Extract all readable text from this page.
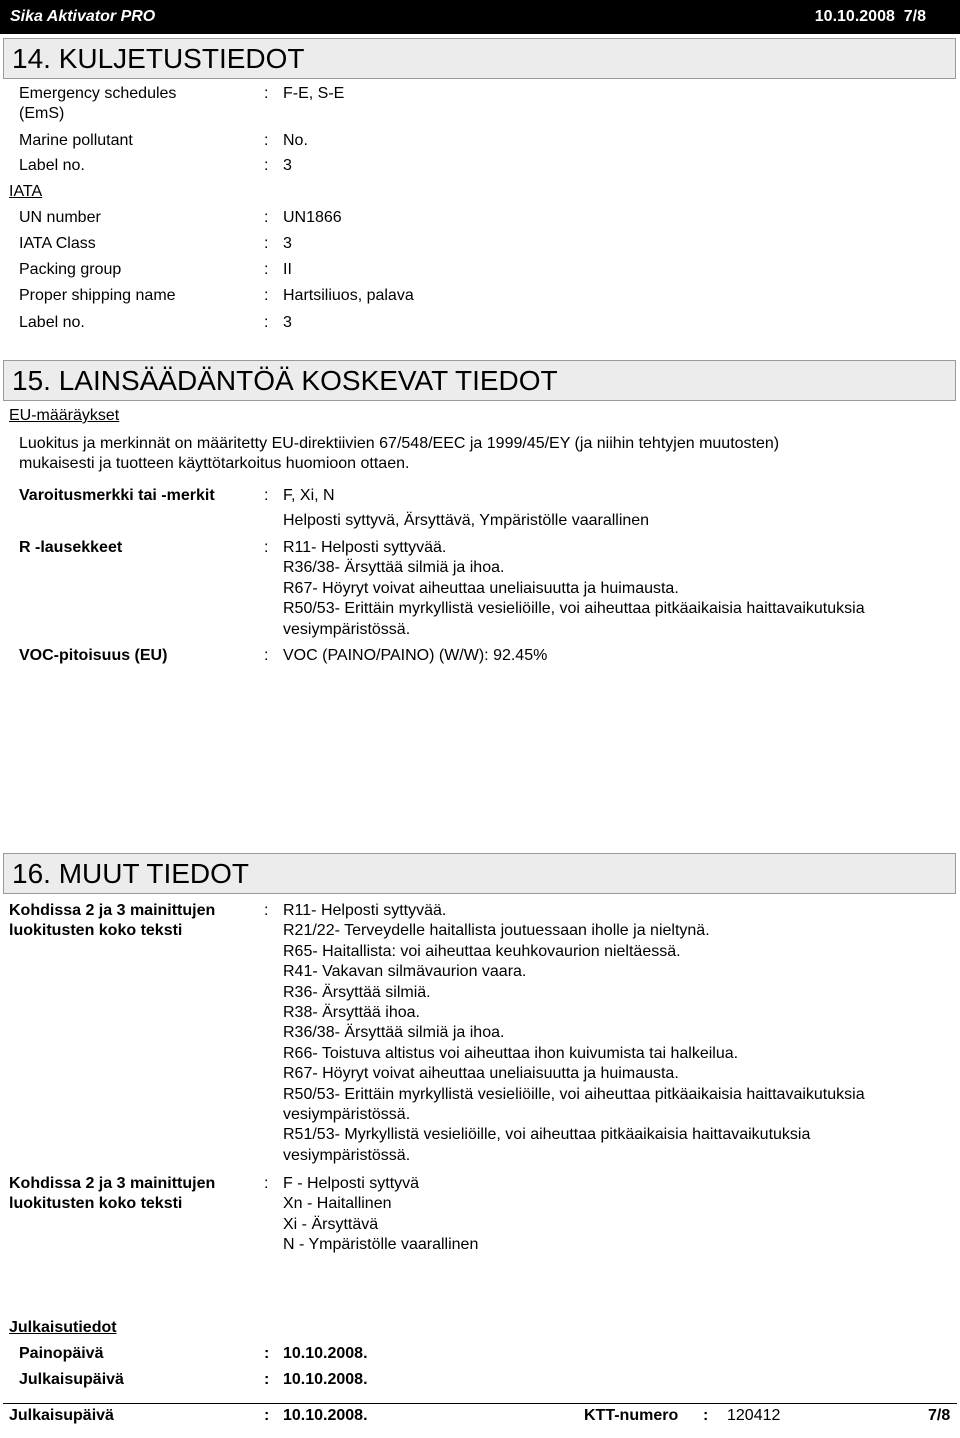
Sika Aktivator PRO	10.10.2008 7/8
14. KULJETUSTIEDOT
Emergency schedules
(EmS)
: F-E, S-E
Marine pollutant	: No.
Label no.	: 3
IATA
UN number	: UN1866
IATA Class	: 3
Packing group	: II
Proper shipping name	: Hartsiliuos, palava
Label no.	: 3
15. LAINSÄÄDÄNTÖÄ KOSKEVAT TIEDOT
EU-määräykset
Luokitus ja merkinnät on määritetty EU-direktiivien 67/548/EEC ja 1999/45/EY (ja niihin tehtyjen muutosten)
mukaisesti ja tuotteen käyttötarkoitus huomioon ottaen.
Varoitusmerkki tai -merkit	: F, Xi, N
Helposti syttyvä, Ärsyttävä, Ympäristölle vaarallinen
R -lausekkeet	: R11- Helposti syttyvää.
R36/38- Ärsyttää silmiä ja ihoa.
R67- Höyryt voivat aiheuttaa uneliaisuutta ja huimausta.
R50/53- Erittäin myrkyllistä vesieliöille, voi aiheuttaa pitkäaikaisia haittavaikutuksia
vesiympäristössä.
VOC-pitoisuus (EU)	: VOC (PAINO/PAINO) (W/W): 92.45%
16. MUUT TIEDOT
Kohdissa 2 ja 3 mainittujen
luokitusten koko teksti
: R11- Helposti syttyvää.
R21/22- Terveydelle haitallista joutuessaan iholle ja nieltynä.
R65- Haitallista: voi aiheuttaa keuhkovaurion nieltäessä.
R41- Vakavan silmävaurion vaara.
R36- Ärsyttää silmiä.
R38- Ärsyttää ihoa.
R36/38- Ärsyttää silmiä ja ihoa.
R66- Toistuva altistus voi aiheuttaa ihon kuivumista tai halkeilua.
R67- Höyryt voivat aiheuttaa uneliaisuutta ja huimausta.
R50/53- Erittäin myrkyllistä vesieliöille, voi aiheuttaa pitkäaikaisia haittavaikutuksia
vesiympäristössä.
R51/53- Myrkyllistä vesieliöille, voi aiheuttaa pitkäaikaisia haittavaikutuksia
vesiympäristössä.
Kohdissa 2 ja 3 mainittujen
luokitusten koko teksti
: F - Helposti syttyvä
Xn - Haitallinen
Xi - Ärsyttävä
N - Ympäristölle vaarallinen
Julkaisutiedot
Painopäivä	: 10.10.2008.
Julkaisupäivä	: 10.10.2008.
Julkaisupäivä	: 10.10.2008.	KTT-numero : 120412	7/8
